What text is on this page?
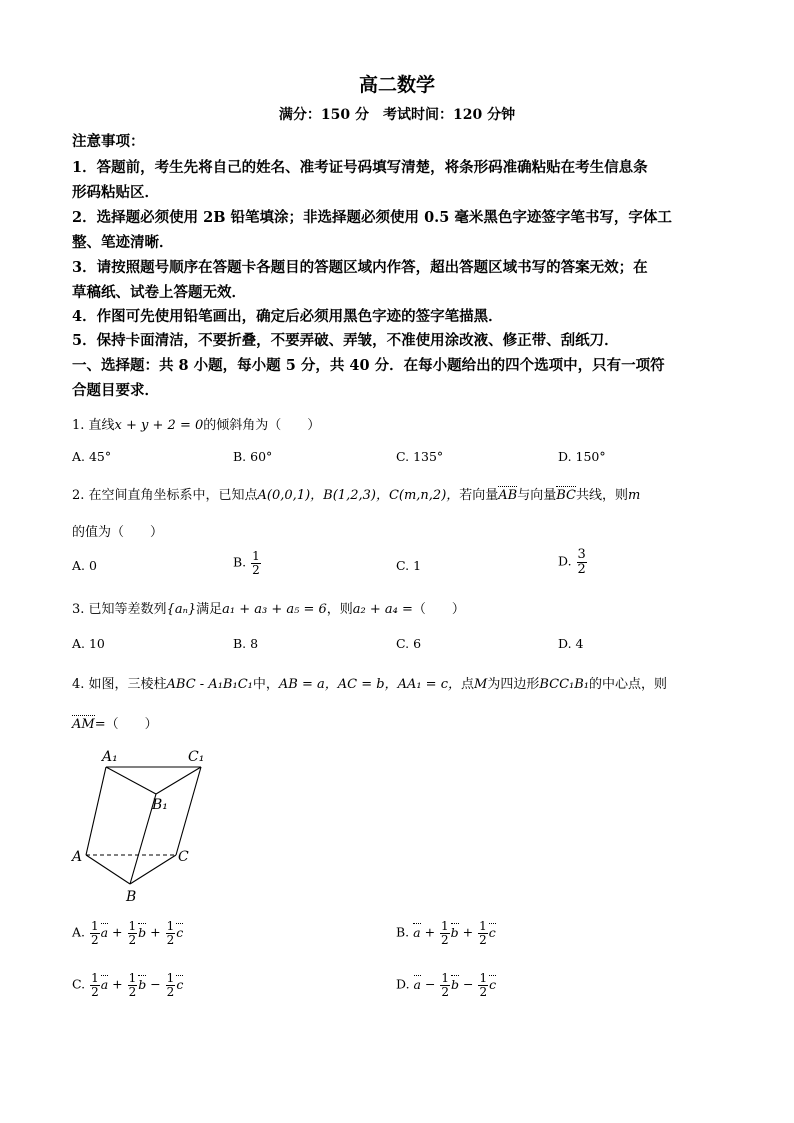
高二数学
满分：150 分　考试时间：120 分钟
注意事项：
1．答题前，考生先将自己的姓名、准考证号码填写清楚，将条形码准确粘贴在考生信息条
形码粘贴区．
2．选择题必须使用 2B 铅笔填涂；非选择题必须使用 0.5 毫米黑色字迹签字笔书写，字体工
整、笔迹清晰．
3．请按照题号顺序在答题卡各题目的答题区域内作答，超出答题区域书写的答案无效；在
草稿纸、试卷上答题无效．
4．作图可先使用铅笔画出，确定后必须用黑色字迹的签字笔描黑．
5．保持卡面清洁，不要折叠，不要弄破、弄皱，不准使用涂改液、修正带、刮纸刀．
一、选择题：共 8 小题，每小题 5 分，共 40 分．在每小题给出的四个选项中，只有一项符
合题目要求．
1. 直线x + y + 2 = 0的倾斜角为（　　）
A. 45°	B. 60°	C. 135°	D. 150°
2. 在空间直角坐标系中，已知点A(0,0,1)，B(1,2,3)，C(m,n,2)，若向量AB与向量BC共线，则m
的值为（　　）
A. 0	B. $\frac{1}{2}$	C. 1	D. $\frac{3}{2}$
3. 已知等差数列{aₙ}满足a₁ + a₃ + a₅ = 6，则a₂ + a₄ =（　　）
A. 10	B. 8	C. 6	D. 4
4. 如图，三棱柱ABC - A₁B₁C₁中，AB = a，AC = b，AA₁ = c，点M为四边形BCC₁B₁的中心点，则
AM=（　　）
A₁	C₁
B₁
A	C
B
A. $\frac{1}{2}$ $a + \frac{1}{2}$ $b + \frac{1}{2}$ c	B. $a + \frac{1}{2}$ $b + \frac{1}{2}$ c
C. $\frac{1}{2}$ $a + \frac{1}{2}$ $b - \frac{1}{2}$ c	D. $a - \frac{1}{2}$ $b - \frac{1}{2}$ c
